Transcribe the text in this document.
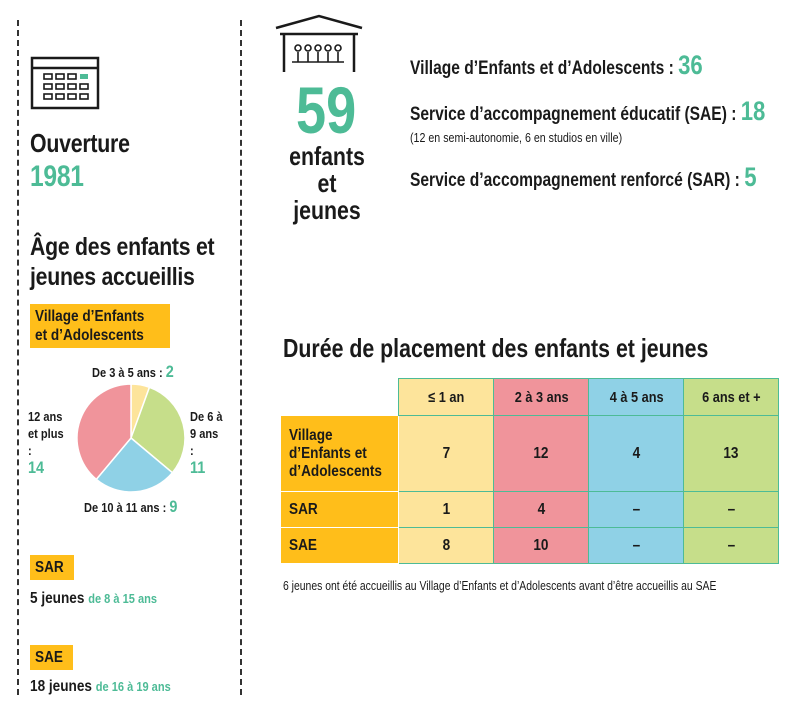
Ouverture
1981
Âge des enfants et jeunes accueillis
Village d’Enfants et d’Adolescents
De 3 à 5 ans : 2
De 6 à 9 ans :
11
De 10 à 11 ans : 9
12 ans et plus :
14
SAR
5 jeunes de 8 à 15 ans
SAE
18 jeunes de 16 à 19 ans
59
enfants et jeunes
Village d’Enfants et d’Adolescents : 36
Service d’accompagnement éducatif (SAE) : 18
(12 en semi-autonomie, 6 en studios en ville)
Service d’accompagnement renforcé (SAR) : 5
Durée de placement des enfants et jeunes
	≤ 1 an	2 à 3 ans	4 à 5 ans	6 ans et +
Village d’Enfants et d’Adolescents	7	12	4	13
SAR	1	4	–	–
SAE	8	10	–	–
6 jeunes ont été accueillis au Village d’Enfants et d’Adolescents avant d’être accueillis au SAE
